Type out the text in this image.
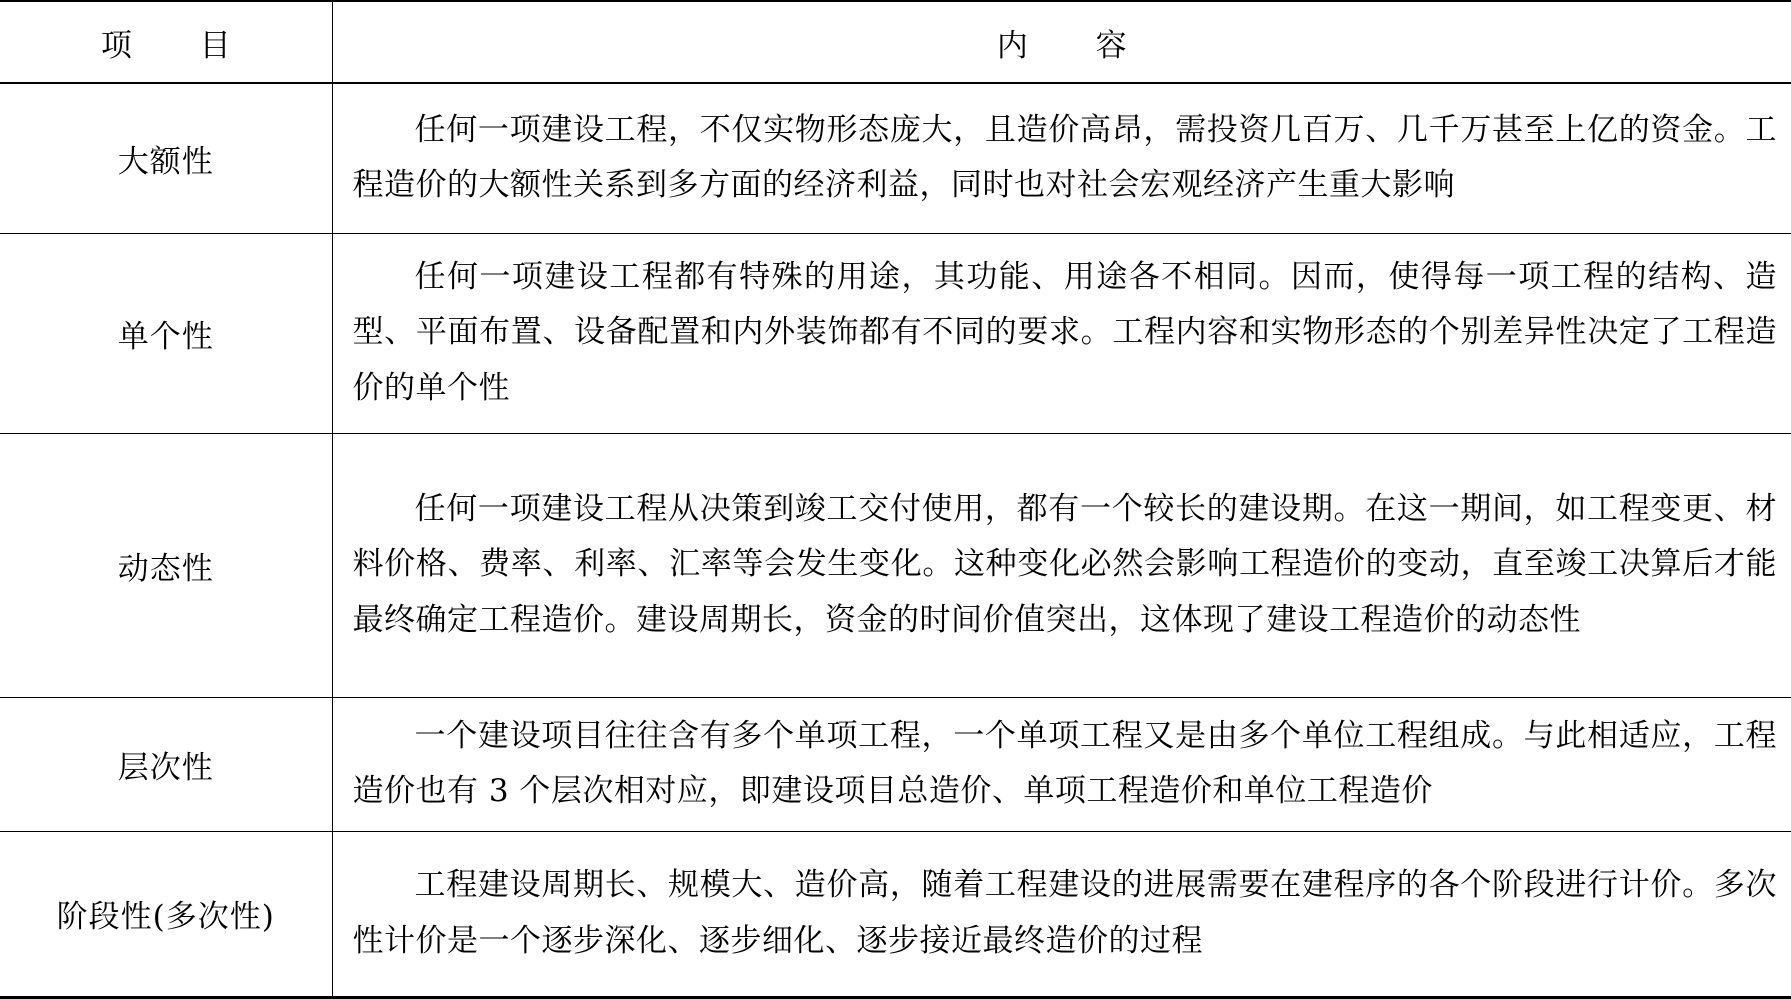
项 目	内 容
大额性	任何一项建设工程，不仅实物形态庞大，且造价高昂，需投资几百万、几千万甚至上亿的资金。工程造价的大额性关系到多方面的经济利益，同时也对社会宏观经济产生重大影响
单个性	任何一项建设工程都有特殊的用途，其功能、用途各不相同。因而，使得每一项工程的结构、造型、平面布置、设备配置和内外装饰都有不同的要求。工程内容和实物形态的个别差异性决定了工程造价的单个性
动态性	任何一项建设工程从决策到竣工交付使用，都有一个较长的建设期。在这一期间，如工程变更、材料价格、费率、利率、汇率等会发生变化。这种变化必然会影响工程造价的变动，直至竣工决算后才能最终确定工程造价。建设周期长，资金的时间价值突出，这体现了建设工程造价的动态性
层次性	一个建设项目往往含有多个单项工程，一个单项工程又是由多个单位工程组成。与此相适应，工程造价也有 3 个层次相对应，即建设项目总造价、单项工程造价和单位工程造价
阶段性(多次性)	工程建设周期长、规模大、造价高，随着工程建设的进展需要在建程序的各个阶段进行计价。多次性计价是一个逐步深化、逐步细化、逐步接近最终造价的过程
